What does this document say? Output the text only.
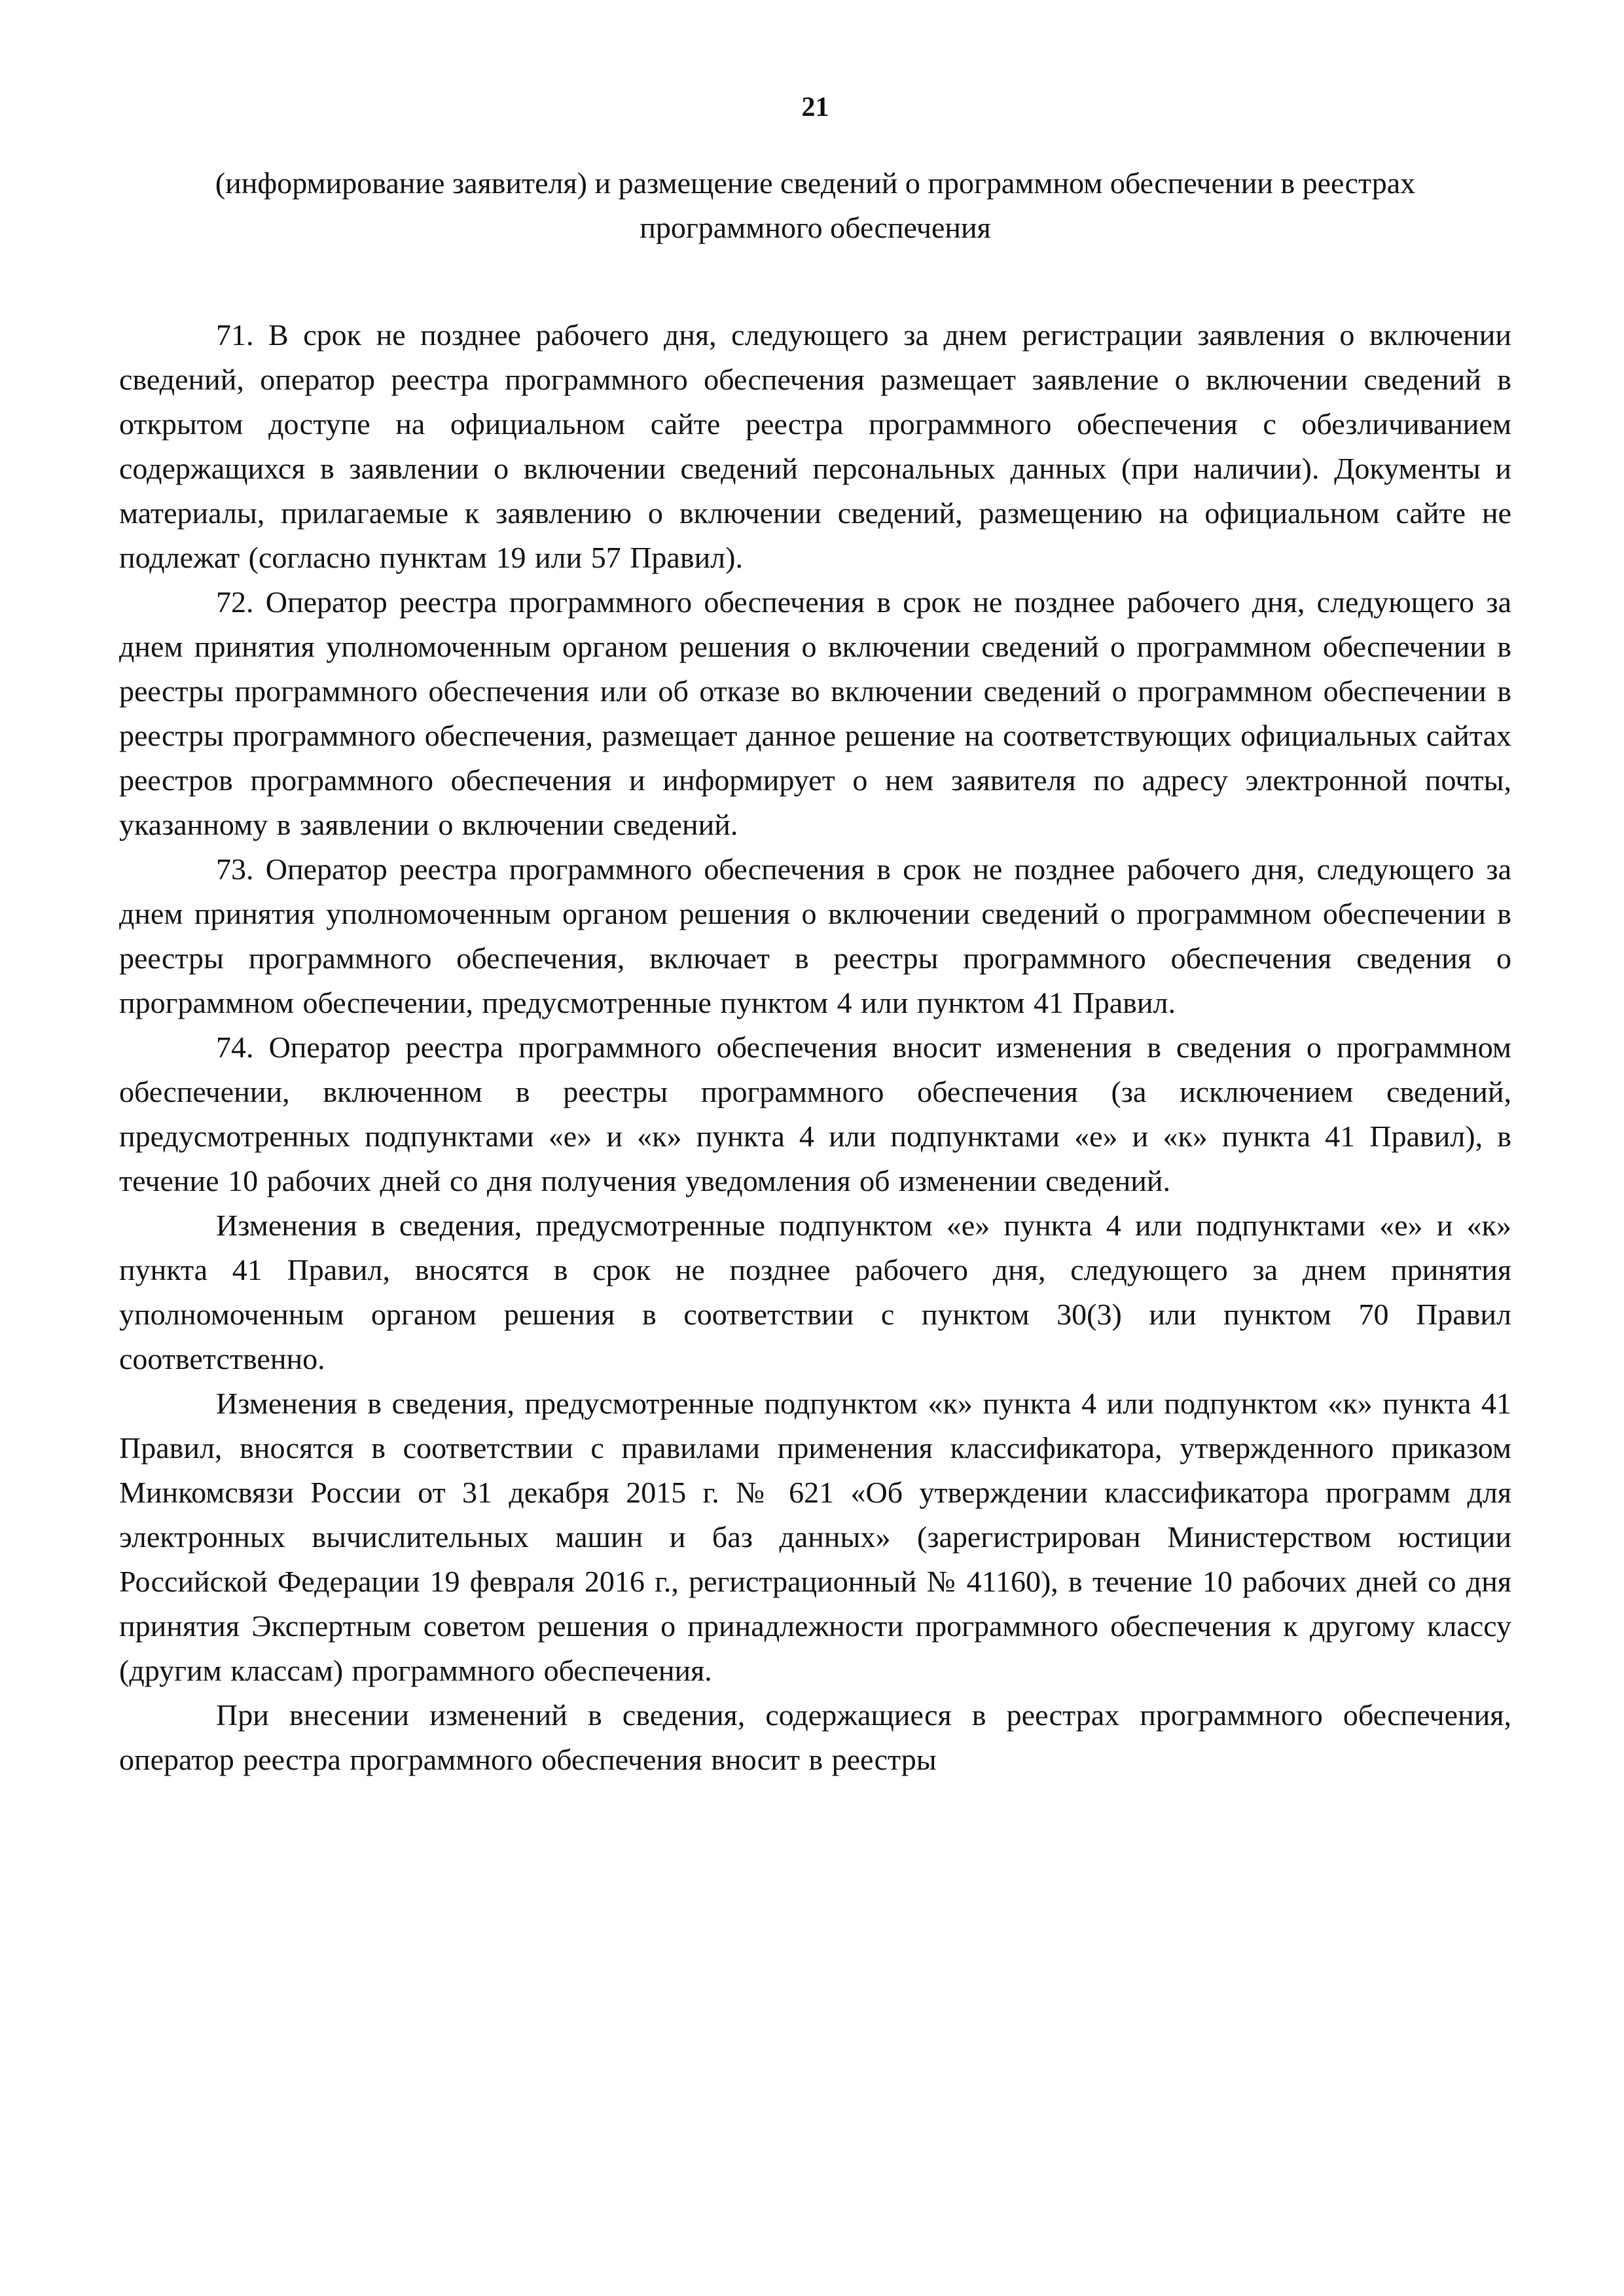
21
(информирование заявителя) и размещение сведений о программном обеспечении в реестрах программного обеспечения

71. В срок не позднее рабочего дня, следующего за днем регистрации заявления о включении сведений, оператор реестра программного обеспечения размещает заявление о включении сведений в открытом доступе на официальном сайте реестра программного обеспечения с обезличиванием содержащихся в заявлении о включении сведений персональных данных (при наличии). Документы и материалы, прилагаемые к заявлению о включении сведений, размещению на официальном сайте не подлежат (согласно пунктам 19 или 57 Правил).

72. Оператор реестра программного обеспечения в срок не позднее рабочего дня, следующего за днем принятия уполномоченным органом решения о включении сведений о программном обеспечении в реестры программного обеспечения или об отказе во включении сведений о программном обеспечении в реестры программного обеспечения, размещает данное решение на соответствующих официальных сайтах реестров программного обеспечения и информирует о нем заявителя по адресу электронной почты, указанному в заявлении о включении сведений.

73. Оператор реестра программного обеспечения в срок не позднее рабочего дня, следующего за днем принятия уполномоченным органом решения о включении сведений о программном обеспечении в реестры программного обеспечения, включает в реестры программного обеспечения сведения о программном обеспечении, предусмотренные пунктом 4 или пунктом 41 Правил.

74. Оператор реестра программного обеспечения вносит изменения в сведения о программном обеспечении, включенном в реестры программного обеспечения (за исключением сведений, предусмотренных подпунктами «е» и «к» пункта 4 или подпунктами «е» и «к» пункта 41 Правил), в течение 10 рабочих дней со дня получения уведомления об изменении сведений.

Изменения в сведения, предусмотренные подпунктом «е» пункта 4 или подпунктами «е» и «к» пункта 41 Правил, вносятся в срок не позднее рабочего дня, следующего за днем принятия уполномоченным органом решения в соответствии с пунктом 30(3) или пунктом 70 Правил соответственно.

Изменения в сведения, предусмотренные подпунктом «к» пункта 4 или подпунктом «к» пункта 41 Правил, вносятся в соответствии с правилами применения классификатора, утвержденного приказом Минкомсвязи России от 31 декабря 2015 г. № 621 «Об утверждении классификатора программ для электронных вычислительных машин и баз данных» (зарегистрирован Министерством юстиции Российской Федерации 19 февраля 2016 г., регистрационный № 41160), в течение 10 рабочих дней со дня принятия Экспертным советом решения о принадлежности программного обеспечения к другому классу (другим классам) программного обеспечения.

При внесении изменений в сведения, содержащиеся в реестрах программного обеспечения, оператор реестра программного обеспечения вносит в реестры
